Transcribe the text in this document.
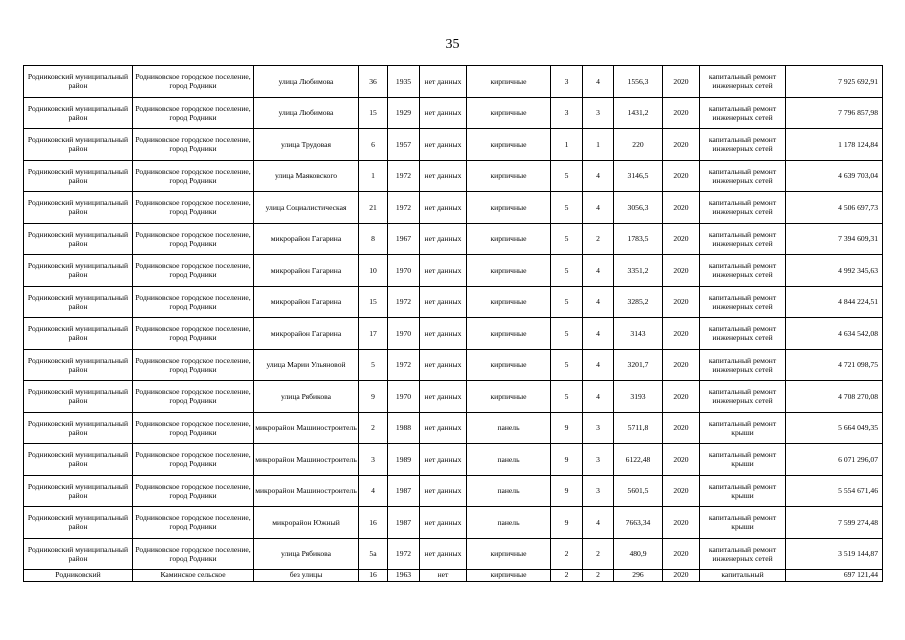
35
Родниковский муниципальный район	Родниковское городское поселение, город Родники	улица Любимова	36	1935	нет данных	кирпичные	3	4	1556,3	2020	капитальный ремонт инженерных сетей	7 925 692,91
Родниковский муниципальный район	Родниковское городское поселение, город Родники	улица Любимова	15	1929	нет данных	кирпичные	3	3	1431,2	2020	капитальный ремонт инженерных сетей	7 796 857,98
Родниковский муниципальный район	Родниковское городское поселение, город Родники	улица Трудовая	6	1957	нет данных	кирпичные	1	1	220	2020	капитальный ремонт инженерных сетей	1 178 124,84
Родниковский муниципальный район	Родниковское городское поселение, город Родники	улица Маяковского	1	1972	нет данных	кирпичные	5	4	3146,5	2020	капитальный ремонт инженерных сетей	4 639 703,04
Родниковский муниципальный район	Родниковское городское поселение, город Родники	улица Социалистическая	21	1972	нет данных	кирпичные	5	4	3056,3	2020	капитальный ремонт инженерных сетей	4 506 697,73
Родниковский муниципальный район	Родниковское городское поселение, город Родники	микрорайон Гагарина	8	1967	нет данных	кирпичные	5	2	1783,5	2020	капитальный ремонт инженерных сетей	7 394 609,31
Родниковский муниципальный район	Родниковское городское поселение, город Родники	микрорайон Гагарина	10	1970	нет данных	кирпичные	5	4	3351,2	2020	капитальный ремонт инженерных сетей	4 992 345,63
Родниковский муниципальный район	Родниковское городское поселение, город Родники	микрорайон Гагарина	15	1972	нет данных	кирпичные	5	4	3285,2	2020	капитальный ремонт инженерных сетей	4 844 224,51
Родниковский муниципальный район	Родниковское городское поселение, город Родники	микрорайон Гагарина	17	1970	нет данных	кирпичные	5	4	3143	2020	капитальный ремонт инженерных сетей	4 634 542,08
Родниковский муниципальный район	Родниковское городское поселение, город Родники	улица Марии Ульяновой	5	1972	нет данных	кирпичные	5	4	3201,7	2020	капитальный ремонт инженерных сетей	4 721 098,75
Родниковский муниципальный район	Родниковское городское поселение, город Родники	улица Рябикова	9	1970	нет данных	кирпичные	5	4	3193	2020	капитальный ремонт инженерных сетей	4 708 270,08
Родниковский муниципальный район	Родниковское городское поселение, город Родники	микрорайон Машиностроитель	2	1988	нет данных	панель	9	3	5711,8	2020	капитальный ремонт крыши	5 664 049,35
Родниковский муниципальный район	Родниковское городское поселение, город Родники	микрорайон Машиностроитель	3	1989	нет данных	панель	9	3	6122,48	2020	капитальный ремонт крыши	6 071 296,07
Родниковский муниципальный район	Родниковское городское поселение, город Родники	микрорайон Машиностроитель	4	1987	нет данных	панель	9	3	5601,5	2020	капитальный ремонт крыши	5 554 671,46
Родниковский муниципальный район	Родниковское городское поселение, город Родники	микрорайон Южный	16	1987	нет данных	панель	9	4	7663,34	2020	капитальный ремонт крыши	7 599 274,48
Родниковский муниципальный район	Родниковское городское поселение, город Родники	улица Рябикова	5а	1972	нет данных	кирпичные	2	2	480,9	2020	капитальный ремонт инженерных сетей	3 519 144,87
Родниковский	Каминское сельское	без улицы	16	1963	нет	кирпичные	2	2	296	2020	капитальный	697 121,44
